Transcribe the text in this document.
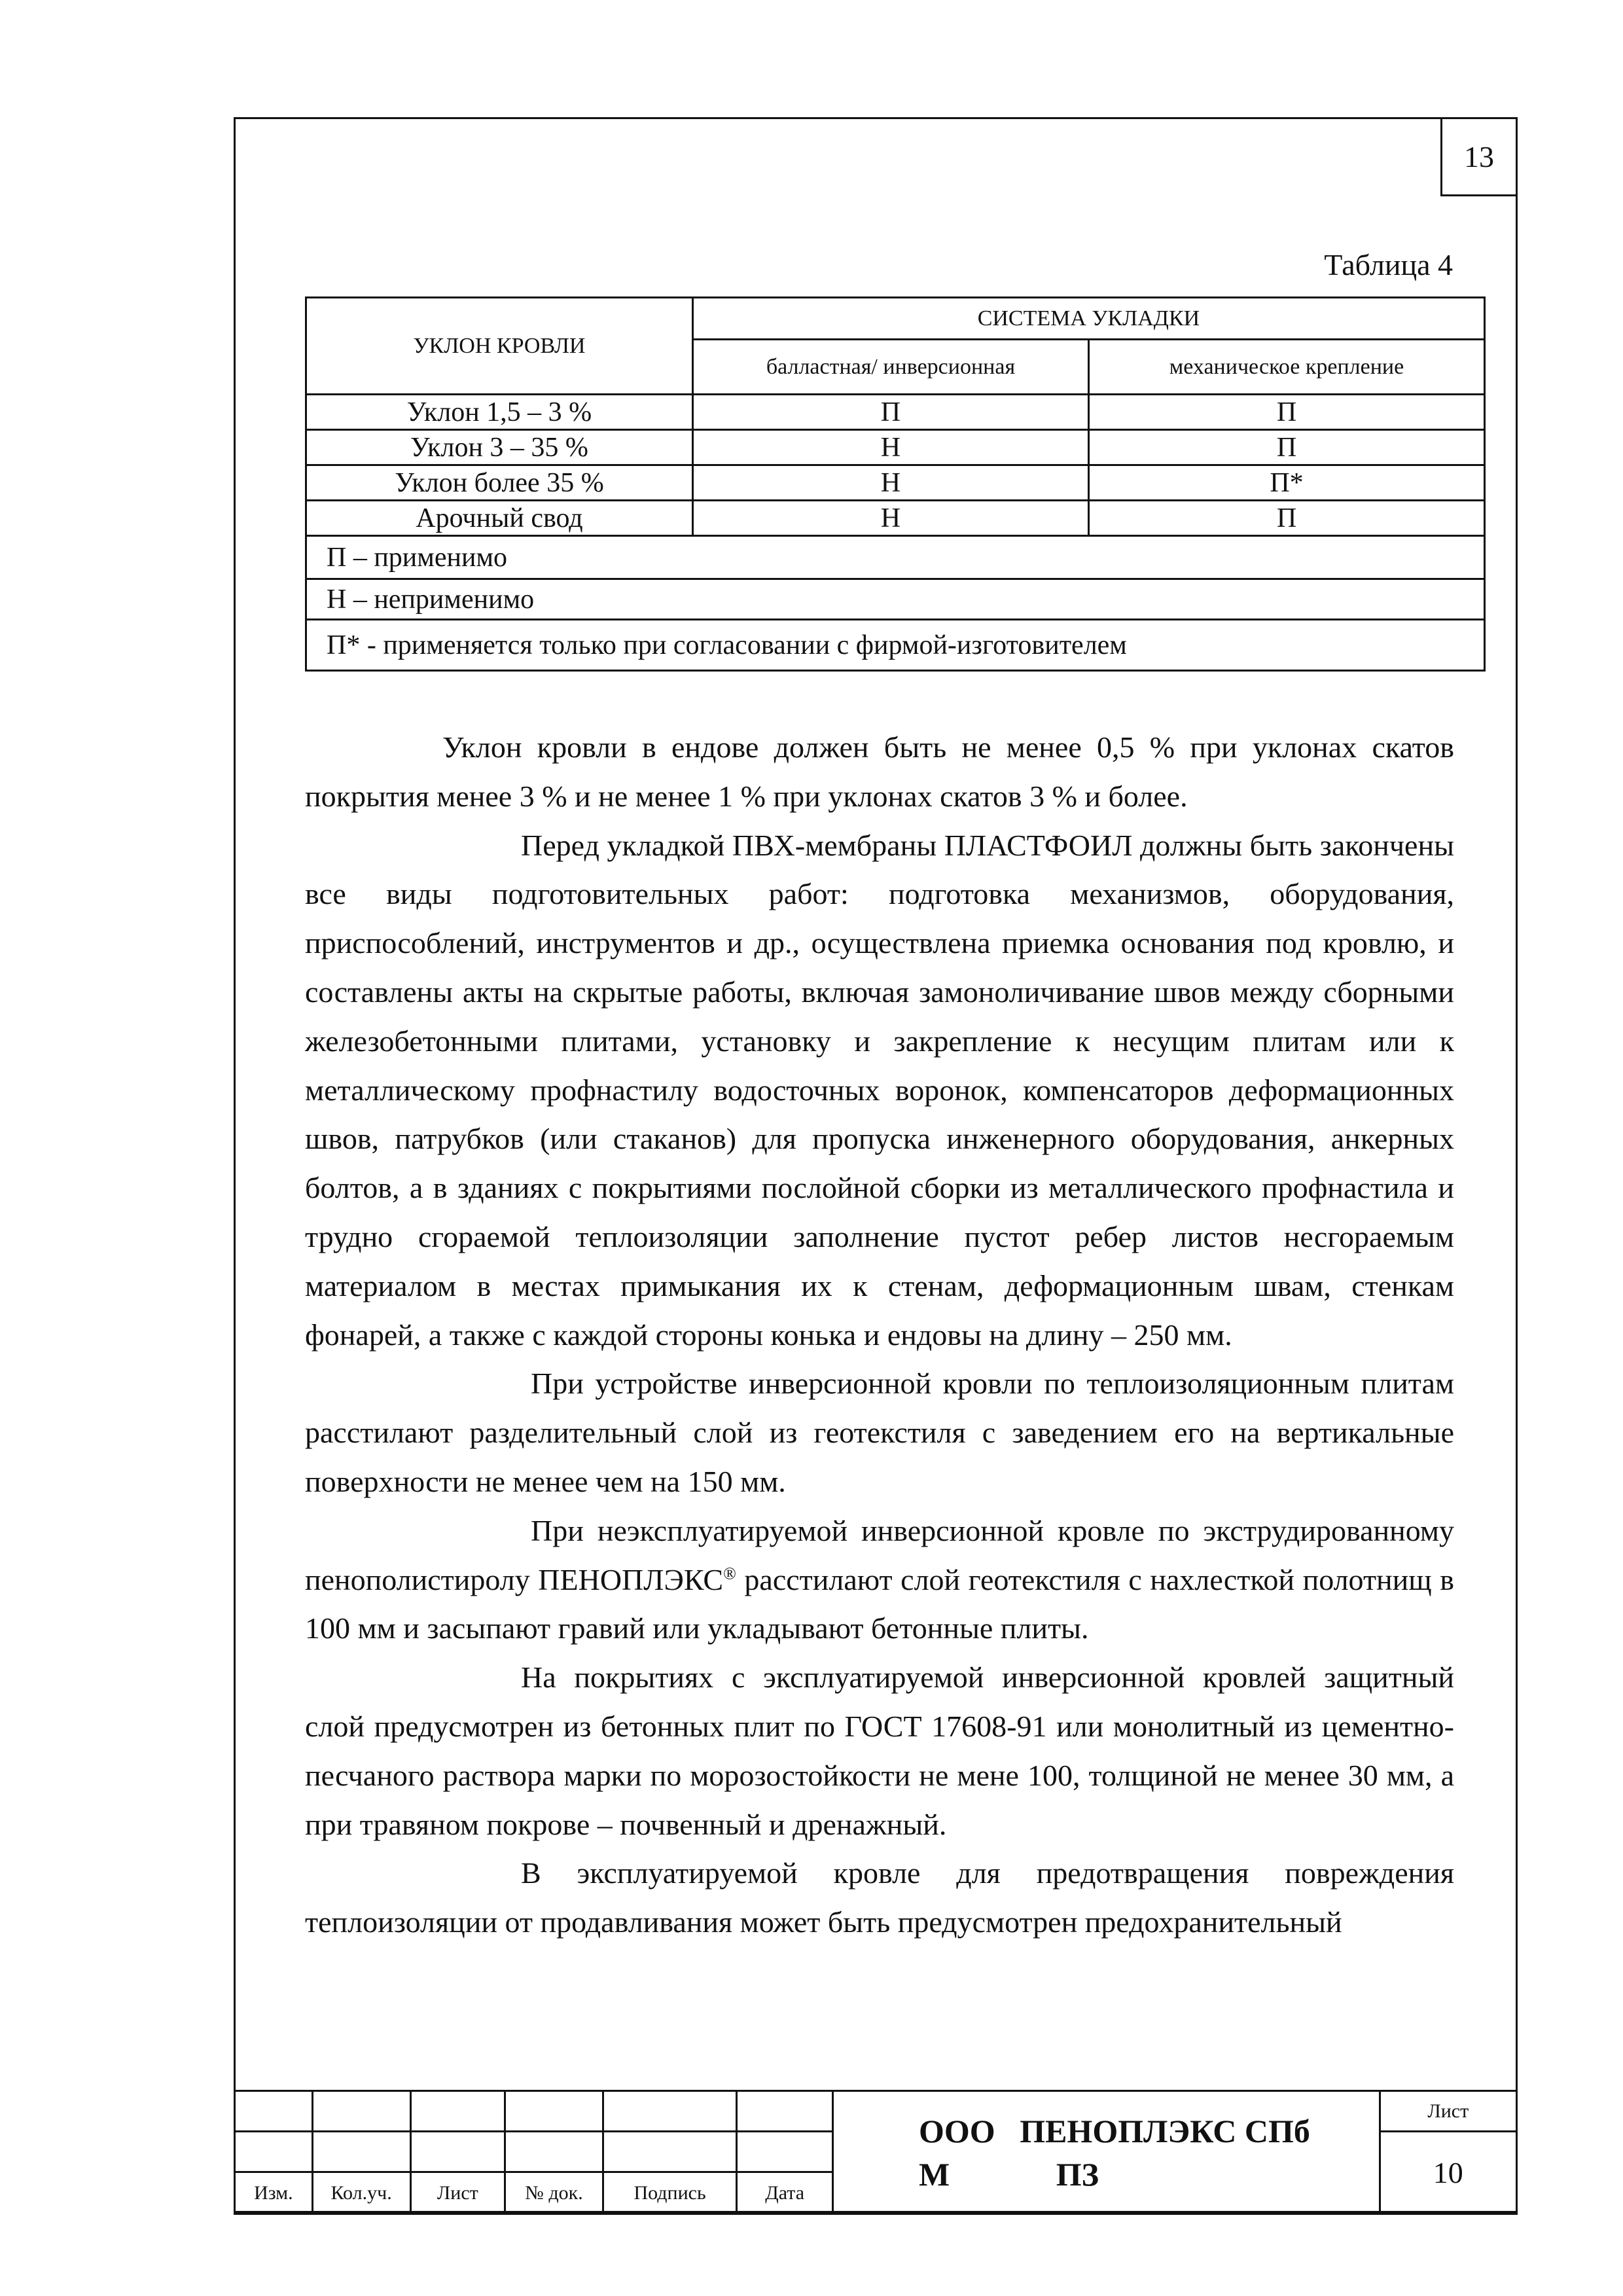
13
Таблица 4
УКЛОН КРОВЛИ	СИСТЕМА УКЛАДКИ	
	балластная/ инверсионная	механическое крепление
Уклон 1,5 – 3 %	П	П
Уклон 3 – 35 %	Н	П
Уклон более 35 %	Н	П*
Арочный свод	Н	П
П – применимо		
Н – неприменимо		
П* - применяется только при согласовании с фирмой-изготовителем		

Уклон кровли в ендове должен быть не менее 0,5 % при уклонах скатов покрытия менее 3 % и не менее 1 % при уклонах скатов 3 % и более.

Перед укладкой ПВХ-мембраны ПЛАСТФОИЛ должны быть закончены все виды подготовительных работ: подготовка механизмов, оборудования, приспособлений, инструментов и др., осуществлена приемка основания под кровлю, и составлены акты на скрытые работы, включая замоноличивание швов между сборными железобетонными плитами, установку и закрепление к несущим плитам или к металлическому профнастилу водосточных воронок, компенсаторов деформационных швов, патрубков (или стаканов) для пропуска инженерного оборудования, анкерных болтов, а в зданиях с покрытиями послойной сборки из металлического профнастила и трудно сгораемой теплоизоляции заполнение пустот ребер листов несгораемым материалом в местах примыкания их к стенам, деформационным швам, стенкам фонарей, а также с каждой стороны конька и ендовы на длину – 250 мм.

При устройстве инверсионной кровли по теплоизоляционным плитам расстилают разделительный слой из геотекстиля с заведением его на вертикальные поверхности не менее чем на 150 мм.

При неэксплуатируемой инверсионной кровле по экструдированному пенополистиролу ПЕНОПЛЭКС® расстилают слой геотекстиля с нахлесткой полотнищ в 100 мм и засыпают гравий или укладывают бетонные плиты.

На покрытиях с эксплуатируемой инверсионной кровлей защитный слой предусмотрен из бетонных плит по ГОСТ 17608-91 или монолитный из цементно-песчаного раствора марки по морозостойкости не мене 100, толщиной не менее 30 мм, а при травяном покрове – почвенный и дренажный.

В эксплуатируемой кровле для предотвращения повреждения теплоизоляции от продавливания может быть предусмотрен предохранительный

						ООО   ПЕНОПЛЭКС СПб
М             ПЗ	Лист
							10
Изм.	Кол.уч.	Лист	№ док.	Подпись	Дата		
